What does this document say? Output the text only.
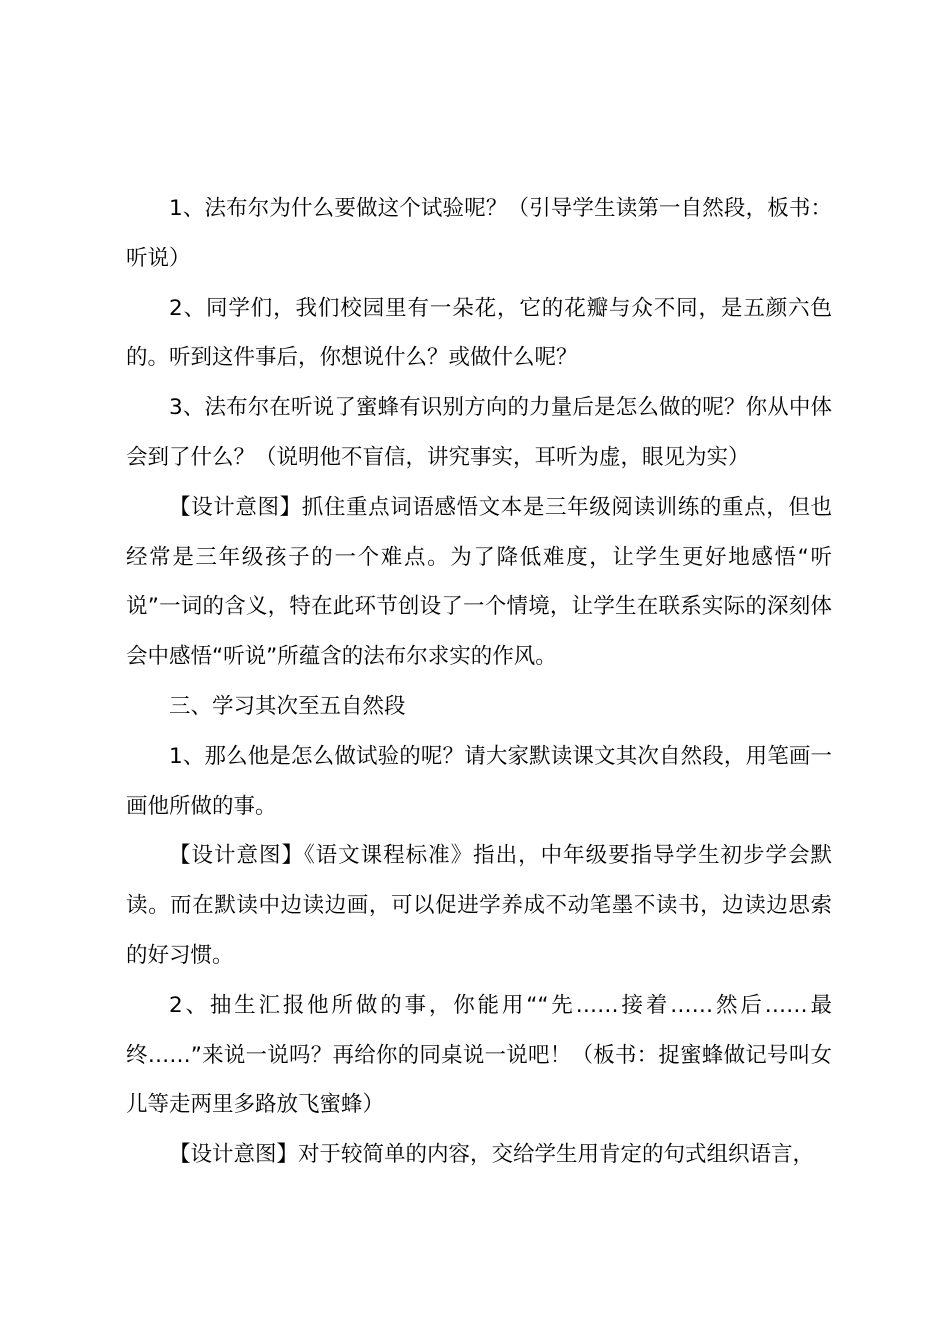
1、法布尔为什么要做这个试验呢？（引导学生读第一自然段，板书：听说）

2、同学们，我们校园里有一朵花，它的花瓣与众不同，是五颜六色的。听到这件事后，你想说什么？或做什么呢？

3、法布尔在听说了蜜蜂有识别方向的力量后是怎么做的呢？你从中体会到了什么？（说明他不盲信，讲究事实，耳听为虚，眼见为实）

【设计意图】抓住重点词语感悟文本是三年级阅读训练的重点，但也经常是三年级孩子的一个难点。为了降低难度，让学生更好地感悟“听说”一词的含义，特在此环节创设了一个情境，让学生在联系实际的深刻体会中感悟“听说”所蕴含的法布尔求实的作风。

三、学习其次至五自然段

1、那么他是怎么做试验的呢？请大家默读课文其次自然段，用笔画一画他所做的事。

【设计意图】《语文课程标准》指出，中年级要指导学生初步学会默读。而在默读中边读边画，可以促进学养成不动笔墨不读书，边读边思索的好习惯。

2、抽生汇报他所做的事，你能用““先……接着……然后……最终……”来说一说吗？再给你的同桌说一说吧！（板书：捉蜜蜂做记号叫女儿等走两里多路放飞蜜蜂）

【设计意图】对于较简单的内容，交给学生用肯定的句式组织语言，
